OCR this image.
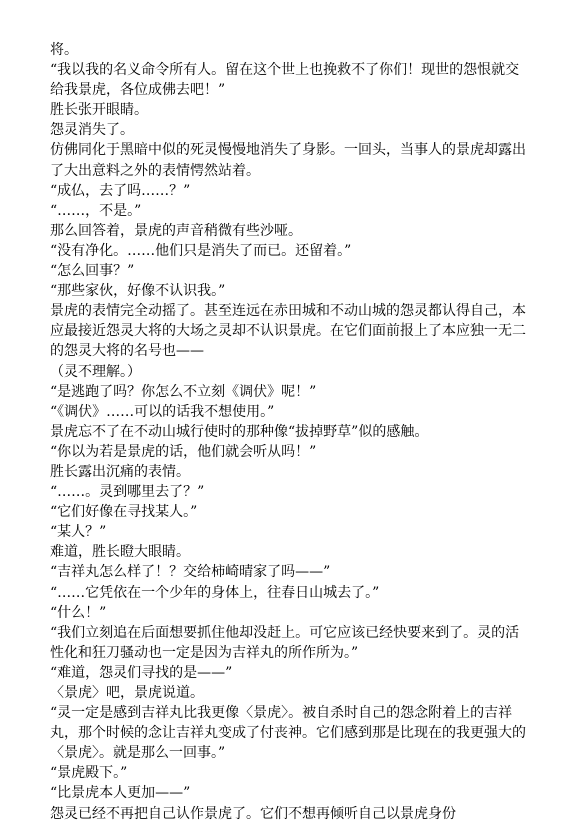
将。

“我以我的名义命令所有人。留在这个世上也挽救不了你们！现世的怨恨就交给我景虎，各位成佛去吧！”

胜长张开眼睛。

怨灵消失了。

仿佛同化于黑暗中似的死灵慢慢地消失了身影。一回头，当事人的景虎却露出了大出意料之外的表情愕然站着。

“成仏，去了吗……？”

“……，不是。”

那么回答着，景虎的声音稍微有些沙哑。

“没有净化。……他们只是消失了而已。还留着。”

“怎么回事？”

“那些家伙，好像不认识我。”

景虎的表情完全动摇了。甚至连远在赤田城和不动山城的怨灵都认得自己，本应最接近怨灵大将的大场之灵却不认识景虎。在它们面前报上了本应独一无二的怨灵大将的名号也——

（灵不理解。）

“是逃跑了吗？你怎么不立刻《调伏》呢！”

“《调伏》……可以的话我不想使用。”

景虎忘不了在不动山城行使时的那种像“拔掉野草”似的感触。

“你以为若是景虎的话，他们就会听从吗！”

胜长露出沉痛的表情。

“……。灵到哪里去了？”

“它们好像在寻找某人。”

“某人？”

难道，胜长瞪大眼睛。

“吉祥丸怎么样了！？交给柿崎晴家了吗——”

“……它凭依在一个少年的身体上，往春日山城去了。”

“什么！”

“我们立刻追在后面想要抓住他却没赶上。可它应该已经快要来到了。灵的活性化和狂刀骚动也一定是因为吉祥丸的所作所为。”

“难道，怨灵们寻找的是——”

〈景虎〉吧，景虎说道。

“灵一定是感到吉祥丸比我更像〈景虎〉。被自杀时自己的怨念附着上的吉祥丸，那个时候的念让吉祥丸变成了付丧神。它们感到那是比现在的我更强大的〈景虎〉。就是那么一回事。”

“景虎殿下。”

“比景虎本人更加——”

怨灵已经不再把自己认作景虎了。它们不想再倾听自己以景虎身份
